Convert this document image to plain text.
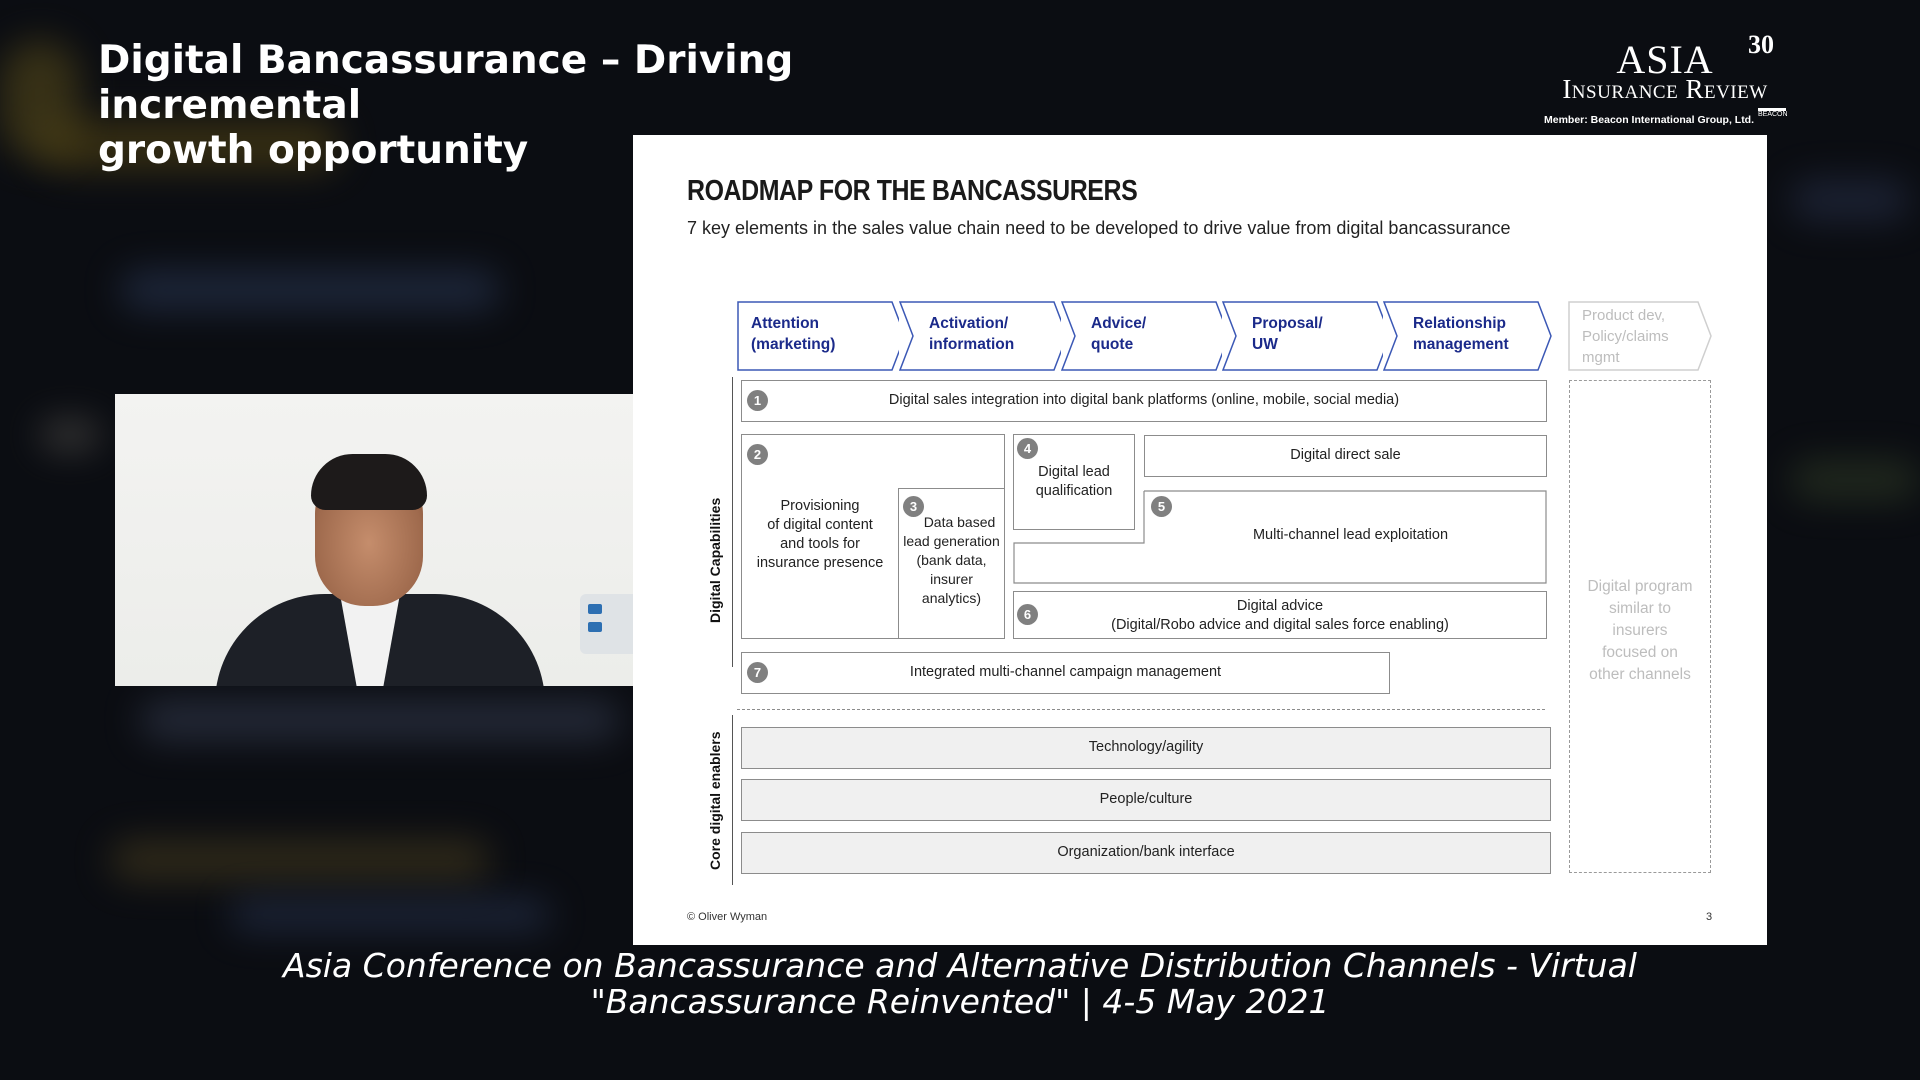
Digital Bancassurance – Driving incremental
growth opportunity
ASIA
Insurance Review
Member: Beacon International Group, Ltd.
30
BEACON
ROADMAP FOR THE BANCASSURERS
7 key elements in the sales value chain need to be developed to drive value from digital bancassurance
Attention
(marketing)
Activation/
information
Advice/
quote
Proposal/
UW
Relationship
management
Product dev,
Policy/claims
mgmt
Digital Capabilities
Core digital enablers
1	Digital sales integration into digital bank platforms (online, mobile, social media)
2
Provisioning
of digital content
and tools for
insurance presence
3
Data based
lead generation
(bank data,
insurer
analytics)
4
Digital lead
qualification
Digital direct sale
5
Multi-channel lead exploitation
6
Digital advice
(Digital/Robo advice and digital sales force enabling)
7	Integrated multi-channel campaign management
Technology/agility
People/culture
Organization/bank interface
Digital program
similar to
insurers
focused on
other channels
© Oliver Wyman	3
Asia Conference on Bancassurance and Alternative Distribution Channels - Virtual
"Bancassurance Reinvented" | 4-5 May 2021
